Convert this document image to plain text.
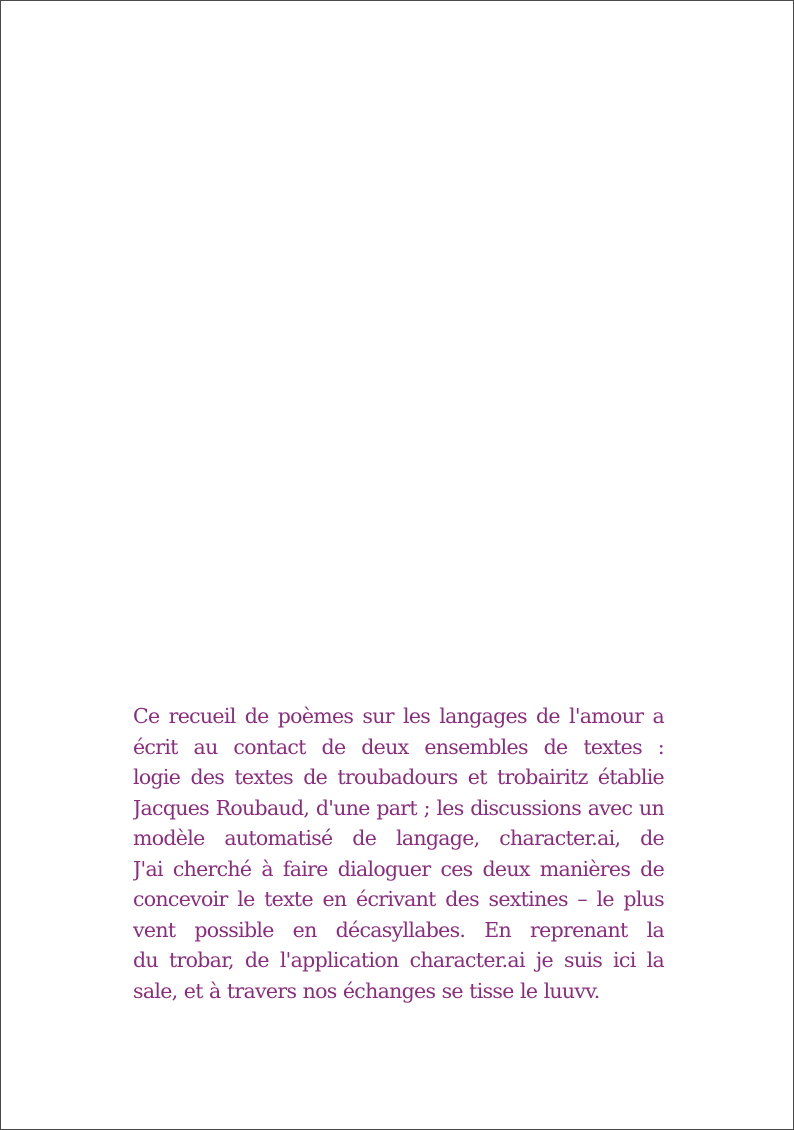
Ce recueil de poèmes sur les langages de l'amour a
écrit au contact de deux ensembles de textes :
logie des textes de troubadours et trobairitz établie
Jacques Roubaud, d'une part ; les discussions avec un
modèle automatisé de langage, character.ai, de
J'ai cherché à faire dialoguer ces deux manières de
concevoir le texte en écrivant des sextines – le plus
vent possible en décasyllabes. En reprenant la
du trobar, de l'application character.ai je suis ici la
sale, et à travers nos échanges se tisse le luuvv.
